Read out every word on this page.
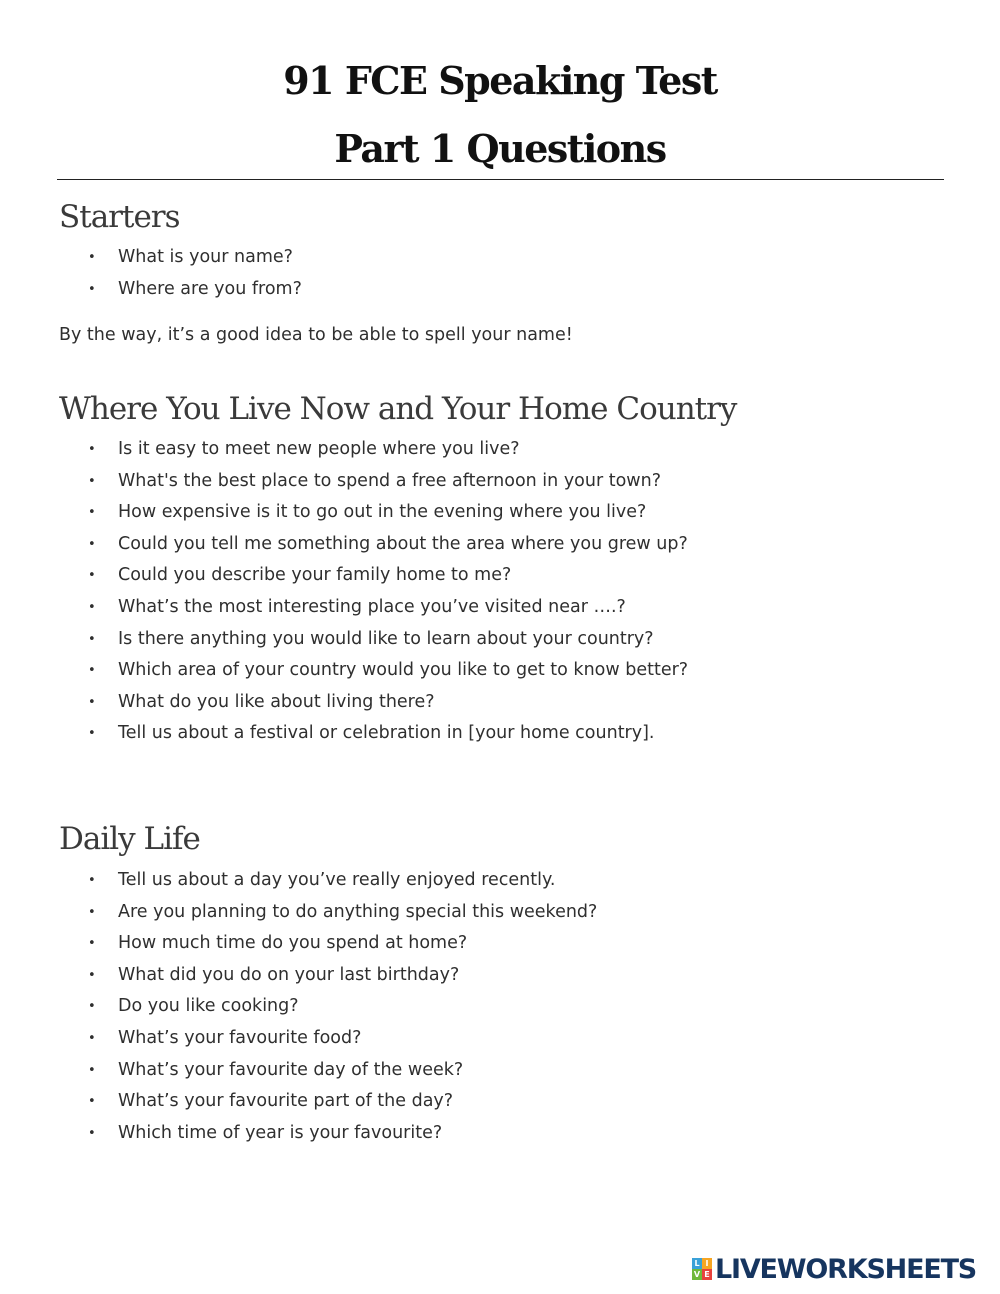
91 FCE Speaking Test
Part 1 Questions
Starters
• What is your name?
• Where are you from?

By the way, it’s a good idea to be able to spell your name!

Where You Live Now and Your Home Country
• Is it easy to meet new people where you live?
• What's the best place to spend a free afternoon in your town?
• How expensive is it to go out in the evening where you live?
• Could you tell me something about the area where you grew up?
• Could you describe your family home to me?
• What’s the most interesting place you’ve visited near ….?
• Is there anything you would like to learn about your country?
• Which area of your country would you like to get to know better?
• What do you like about living there?
• Tell us about a festival or celebration in [your home country].
Daily Life
• Tell us about a day you’ve really enjoyed recently.
• Are you planning to do anything special this weekend?
• How much time do you spend at home?
• What did you do on your last birthday?
• Do you like cooking?
• What’s your favourite food?
• What’s your favourite day of the week?
• What’s your favourite part of the day?
• Which time of year is your favourite?
L I
V E LIVEWORKSHEETS
